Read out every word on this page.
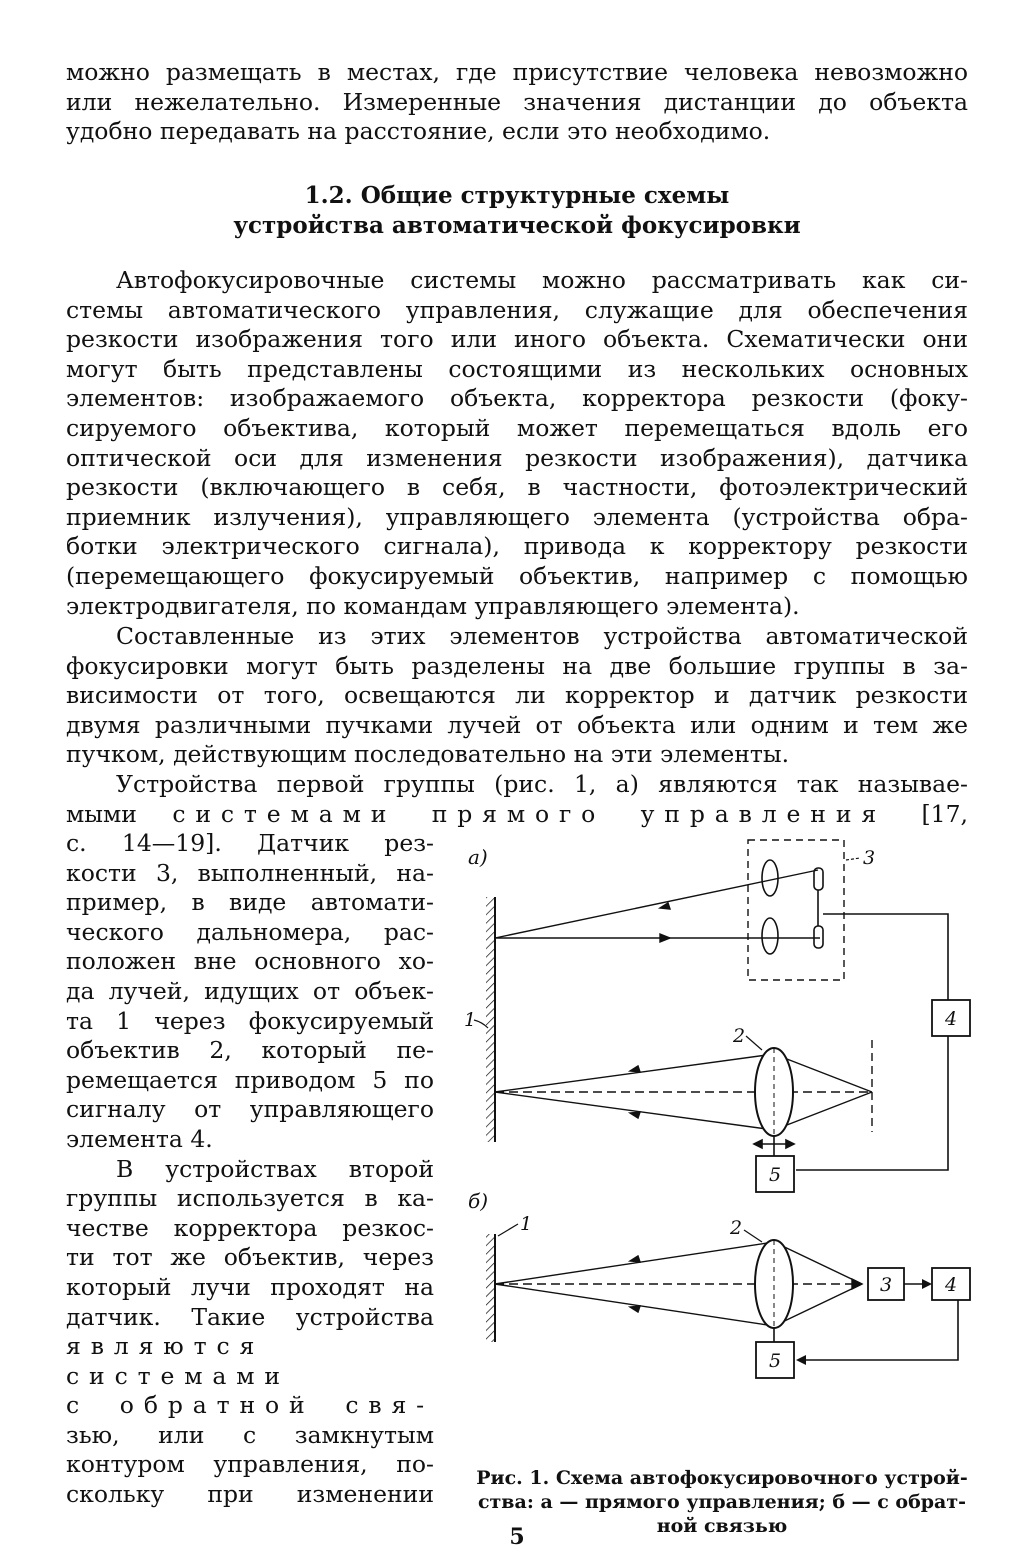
можно размещать в местах, где присутствие человека невозможно
или нежелательно. Измеренные значения дистанции до объекта
удобно передавать на расстояние, если это необходимо.
1.2. Общие структурные схемы
устройства автоматической фокусировки
Автофокусировочные системы можно рассматривать как си-
стемы автоматического управления, служащие для обеспечения
резкости изображения того или иного объекта. Схематически они
могут быть представлены состоящими из нескольких основных
элементов: изображаемого объекта, корректора резкости (фоку-
сируемого объектива, который может перемещаться вдоль его
оптической оси для изменения резкости изображения), датчика
резкости (включающего в себя, в частности, фотоэлектрический
приемник излучения), управляющего элемента (устройства обра-
ботки электрического сигнала), привода к корректору резкости
(перемещающего фокусируемый объектив, например с помощью
электродвигателя, по командам управляющего элемента).
Составленные из этих элементов устройства автоматической
фокусировки могут быть разделены на две большие группы в за-
висимости от того, освещаются ли корректор и датчик резкости
двумя различными пучками лучей от объекта или одним и тем же
пучком, действующим последовательно на эти элементы.
Устройства первой группы (рис. 1, а) являются так называе-
мыми системами прямого управления [17,
с. 14—19]. Датчик рез-
кости 3, выполненный, на-
пример, в виде автомати-
ческого дальномера, рас-
положен вне основного хо-
да лучей, идущих от объек-
та 1 через фокусируемый
объектив 2, который пе-
ремещается приводом 5 по
сигналу от управляющего
элемента 4.
В устройствах второй
группы используется в ка-
честве корректора резкос-
ти тот же объектив, через
который лучи проходят на
датчик. Такие устройства
являются системами
с обратной свя-
зью, или с замкнутым
контуром управления, по-
скольку при изменении
а)
1
3
4
2
5
б)
1	2
3	4
5
Рис. 1. Схема автофокусировочного устрой-
ства: а — прямого управления; б — с обрат-
ной связью
5
